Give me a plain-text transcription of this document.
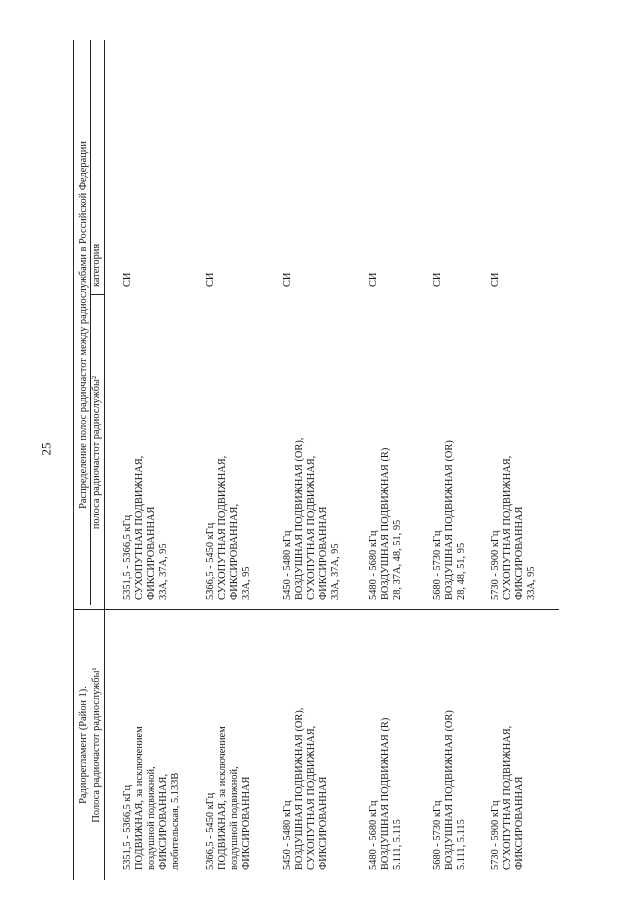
25
Радиорегламент (Район 1). Полоса радиочастот радиослужбы¹
Распределение полос радиочастот между радиослужбами в Российской Федерации полоса радиочастот радиослужбы²
категория
5351,5 - 5366,5 кГц ПОДВИЖНАЯ, за исключением воздушной подвижной, ФИКСИРОВАННАЯ, любительская, 5.133В
5351,5 - 5366,5 кГц СУХОПУТНАЯ ПОДВИЖНАЯ, ФИКСИРОВАННАЯ 33А, 37А, 95
СИ
5366,5 - 5450 кГц ПОДВИЖНАЯ, за исключением воздушной подвижной, ФИКСИРОВАННАЯ
5366,5 - 5450 кГц СУХОПУТНАЯ ПОДВИЖНАЯ, ФИКСИРОВАННАЯ, 33А, 95
СИ
5450 - 5480 кГц ВОЗДУШНАЯ ПОДВИЖНАЯ (OR), СУХОПУТНАЯ ПОДВИЖНАЯ, ФИКСИРОВАННАЯ
5450 - 5480 кГц ВОЗДУШНАЯ ПОДВИЖНАЯ (OR), СУХОПУТНАЯ ПОДВИЖНАЯ, ФИКСИРОВАННАЯ 33А, 37А, 95
СИ
5480 - 5680 кГц ВОЗДУШНАЯ ПОДВИЖНАЯ (R) 5.111, 5.115
5480 - 5680 кГц ВОЗДУШНАЯ ПОДВИЖНАЯ (R) 28, 37А, 48, 51, 95
СИ
5680 - 5730 кГц ВОЗДУШНАЯ ПОДВИЖНАЯ (OR) 5.111, 5.115
5680 - 5730 кГц ВОЗДУШНАЯ ПОДВИЖНАЯ (OR) 28, 48, 51, 95
СИ
5730 - 5900 кГц СУХОПУТНАЯ ПОДВИЖНАЯ, ФИКСИРОВАННАЯ
5730 - 5900 кГц СУХОПУТНАЯ ПОДВИЖНАЯ, ФИКСИРОВАННАЯ 33А, 95
СИ
